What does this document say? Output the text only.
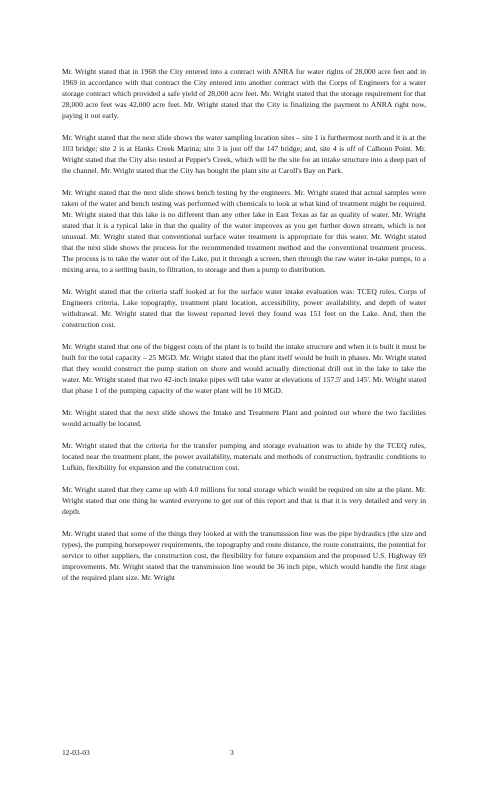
Mr. Wright stated that in 1968 the City entered into a contract with ANRA for water rights of 28,000 acre feet and in 1969 in accordance with that contract the City entered into another contract with the Corps of Engineers for a water storage contract which provided a safe yield of 28,000 acre feet. Mr. Wright stated that the storage requirement for that 28,000 acre feet was 42,000 acre feet. Mr. Wright stated that the City is finalizing the payment to ANRA right now, paying it out early.

Mr. Wright stated that the next slide shows the water sampling location sites – site 1 is furthermost north and it is at the 103 bridge; site 2 is at Hanks Creek Marina; site 3 is just off the 147 bridge; and, site 4 is off of Calhoun Point. Mr. Wright stated that the City also tested at Pepper's Creek, which will be the site for an intake structure into a deep part of the channel. Mr. Wright stated that the City has bought the plant site at Caroll's Bay on Park.

Mr. Wright stated that the next slide shows bench testing by the engineers. Mr. Wright stated that actual samples were taken of the water and bench testing was performed with chemicals to look at what kind of treatment might be required. Mr. Wright stated that this lake is no different than any other lake in East Texas as far as quality of water. Mr. Wright stated that it is a typical lake in that the quality of the water improves as you get further down stream, which is not unusual. Mr. Wright stated that conventional surface water treatment is appropriate for this water. Mr. Wright stated that the next slide shows the process for the recommended treatment method and the conventional treatment process. The process is to take the water out of the Lake, put it through a screen, then through the raw water in-take pumps, to a mixing area, to a settling basin, to filtration, to storage and then a pump to distribution.

Mr. Wright stated that the criteria staff looked at for the surface water intake evaluation was: TCEQ rules, Corps of Engineers criteria, Lake topography, treatment plant location, accessibility, power availability, and depth of water withdrawal. Mr. Wright stated that the lowest reported level they found was 151 feet on the Lake. And, then the construction cost.

Mr. Wright stated that one of the biggest costs of the plant is to build the intake structure and when it is built it must be built for the total capacity – 25 MGD. Mr. Wright stated that the plant itself would be built in phases. Mr. Wright stated that they would construct the pump station on shore and would actually directional drill out in the lake to take the water. Mr. Wright stated that two 42-inch intake pipes will take water at elevations of 157.5' and 145'. Mr. Wright stated that phase 1 of the pumping capacity of the water plant will be 10 MGD.

Mr. Wright stated that the next slide shows the Intake and Treatment Plant and pointed out where the two facilities would actually be located.

Mr. Wright stated that the criteria for the transfer pumping and storage evaluation was to abide by the TCEQ rules, located near the treatment plant, the power availability, materials and methods of construction, hydraulic conditions to Lufkin, flexibility for expansion and the construction cost.

Mr. Wright stated that they came up with 4.0 millions for total storage which would be required on site at the plant. Mr. Wright stated that one thing he wanted everyone to get out of this report and that is that it is very detailed and very in depth.

Mr. Wright stated that some of the things they looked at with the transmission line was the pipe hydraulics (the size and types), the pumping horsepower requirements, the topography and route distance, the route constraints, the potential for service to other suppliers, the construction cost, the flexibility for future expansion and the proposed U.S. Highway 69 improvements. Mr. Wright stated that the transmission line would be 36 inch pipe, which would handle the first stage of the required plant size. Mr. Wright

12-03-03	3
